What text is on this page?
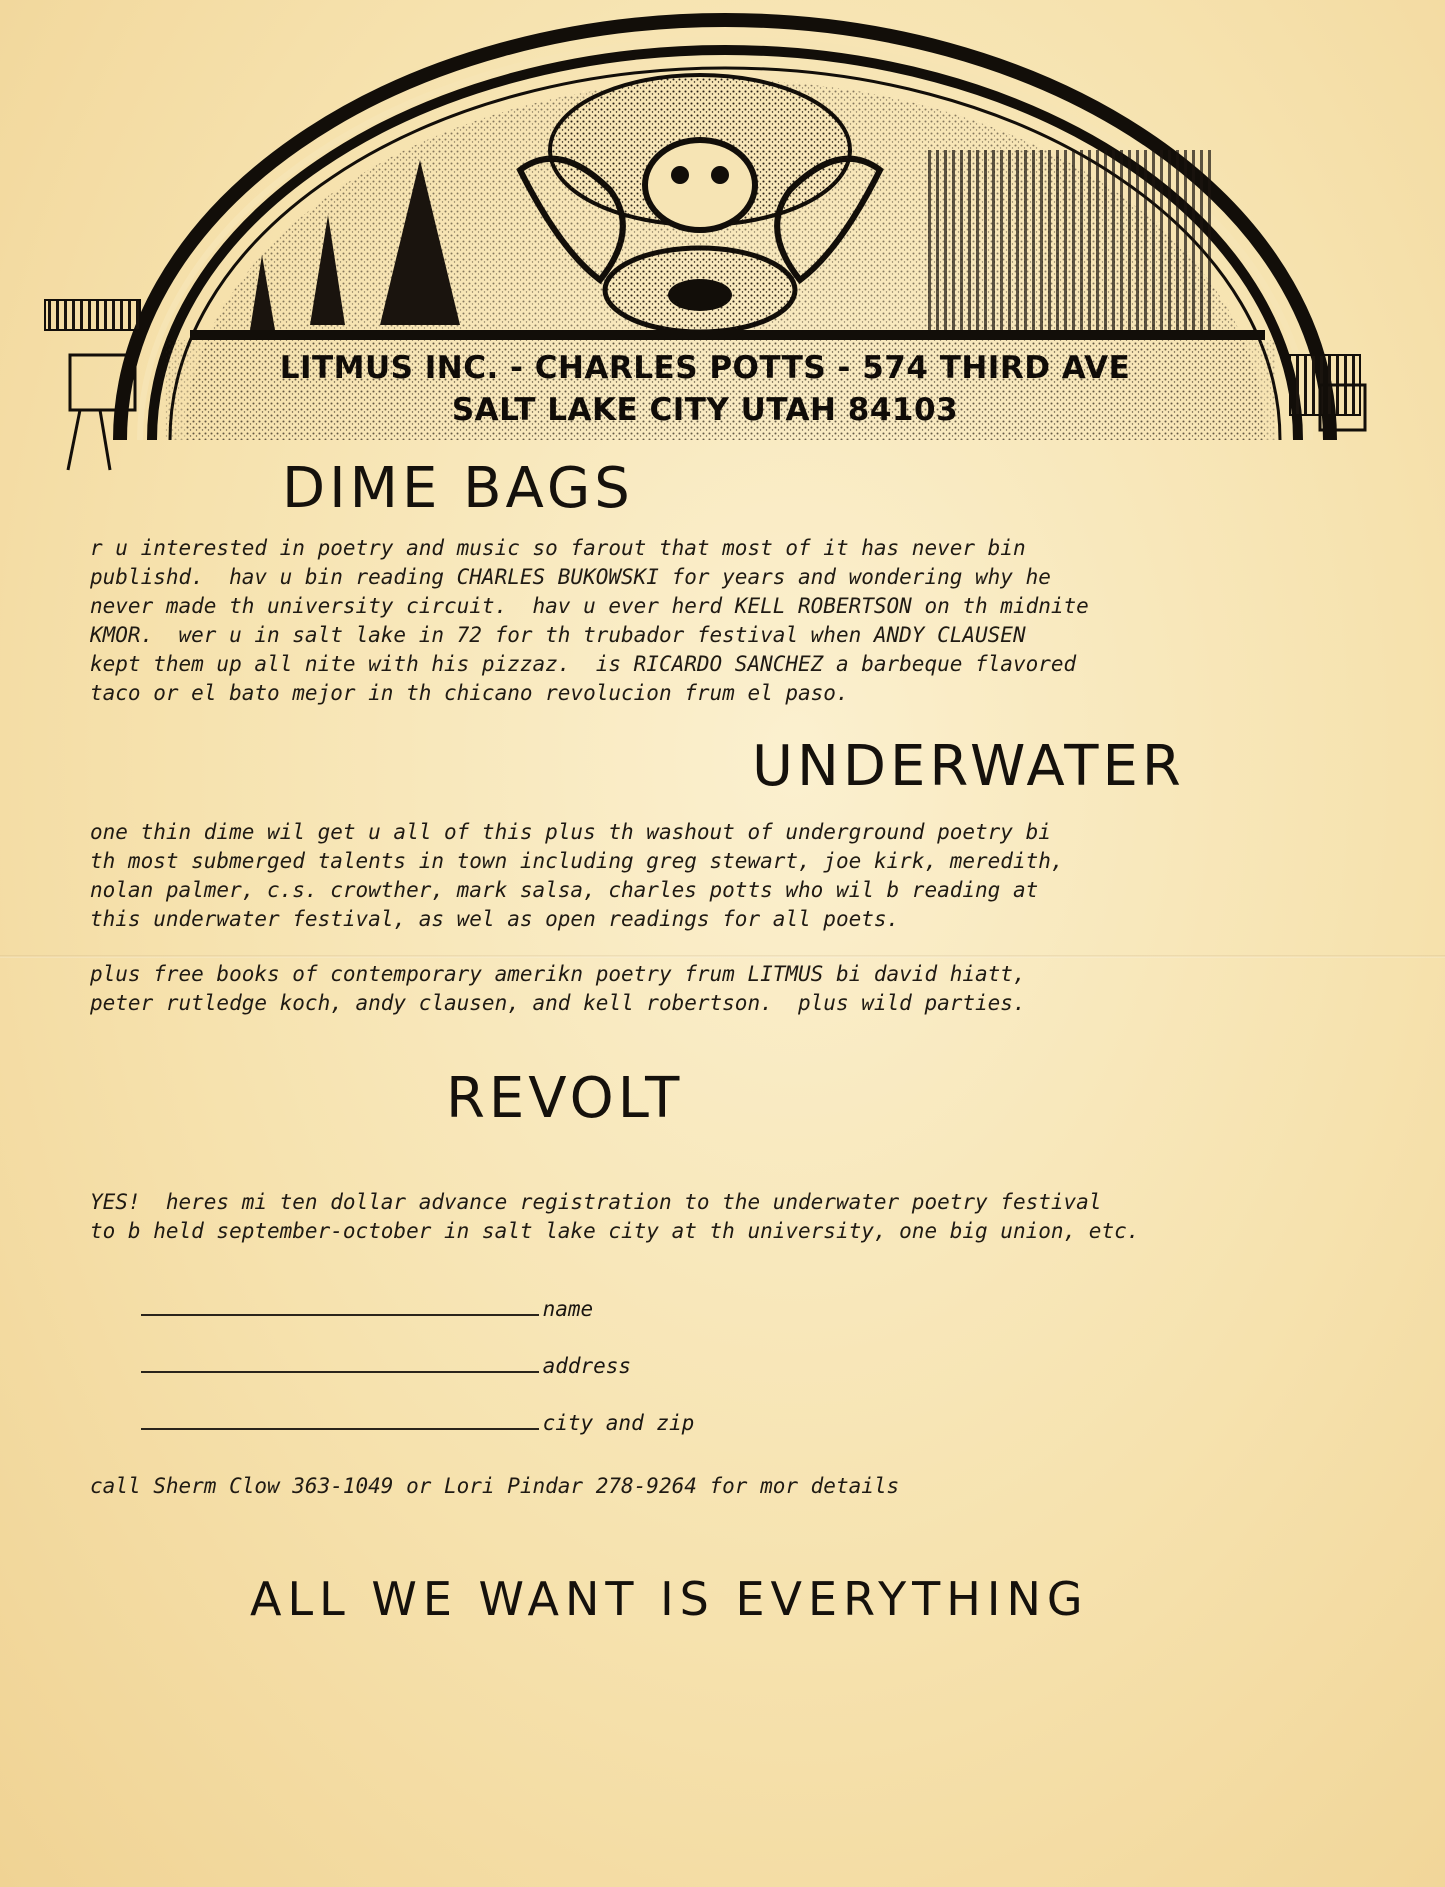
LITMUS INC. - CHARLES POTTS - 574 THIRD AVE
SALT LAKE CITY UTAH 84103
DIME BAGS
r u interested in poetry and music so farout that most of it has never bin
publishd.  hav u bin reading CHARLES BUKOWSKI for years and wondering why he
never made th university circuit.  hav u ever herd KELL ROBERTSON on th midnite
KMOR.  wer u in salt lake in 72 for th trubador festival when ANDY CLAUSEN
kept them up all nite with his pizzaz.  is RICARDO SANCHEZ a barbeque flavored
taco or el bato mejor in th chicano revolucion frum el paso.
UNDERWATER
one thin dime wil get u all of this plus th washout of underground poetry bi
th most submerged talents in town including greg stewart, joe kirk, meredith,
nolan palmer, c.s. crowther, mark salsa, charles potts who wil b reading at
this underwater festival, as wel as open readings for all poets.
plus free books of contemporary amerikn poetry frum LITMUS bi david hiatt,
peter rutledge koch, andy clausen, and kell robertson.  plus wild parties.
REVOLT
YES!  heres mi ten dollar advance registration to the underwater poetry festival
to b held september-october in salt lake city at th university, one big union, etc.

name

address

city and zip

call Sherm Clow 363-1049 or Lori Pindar 278-9264 for mor details
ALL WE WANT IS EVERYTHING
